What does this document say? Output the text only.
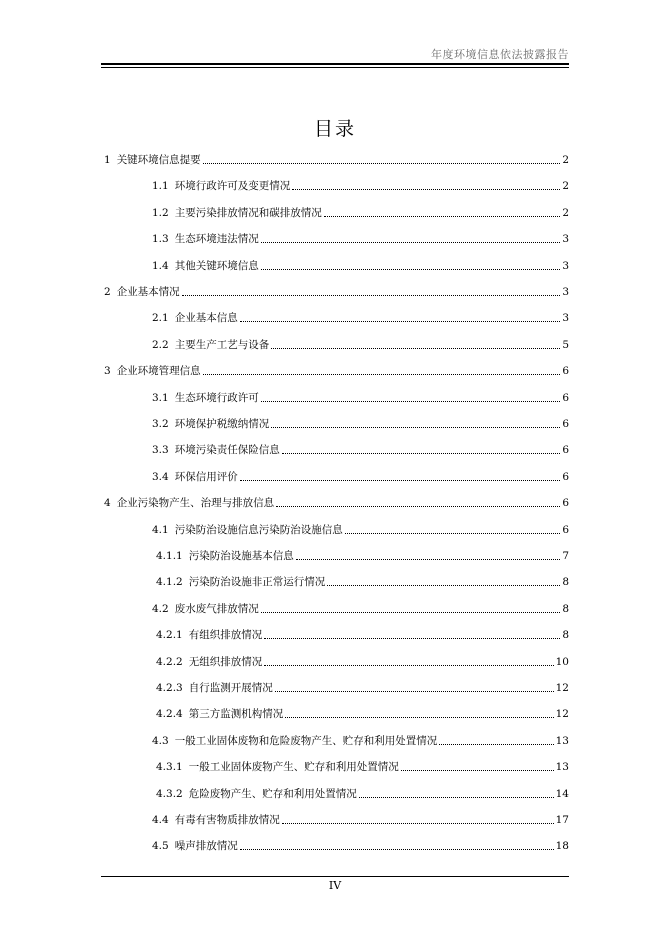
年度环境信息依法披露报告
目录
1 关键环境信息提要	2
1.1 环境行政许可及变更情况	2
1.2 主要污染排放情况和碳排放情况	2
1.3 生态环境违法情况	3
1.4 其他关键环境信息	3
2 企业基本情况	3
2.1 企业基本信息	3
2.2 主要生产工艺与设备	5
3 企业环境管理信息	6
3.1 生态环境行政许可	6
3.2 环境保护税缴纳情况	6
3.3 环境污染责任保险信息	6
3.4 环保信用评价	6
4 企业污染物产生、治理与排放信息	6
4.1 污染防治设施信息污染防治设施信息	6
4.1.1 污染防治设施基本信息	7
4.1.2 污染防治设施非正常运行情况	8
4.2 废水废气排放情况	8
4.2.1 有组织排放情况	8
4.2.2 无组织排放情况	10
4.2.3 自行监测开展情况	12
4.2.4 第三方监测机构情况	12
4.3 一般工业固体废物和危险废物产生、贮存和利用处置情况	13
4.3.1 一般工业固体废物产生、贮存和利用处置情况	13
4.3.2 危险废物产生、贮存和利用处置情况	14
4.4 有毒有害物质排放情况	17
4.5 噪声排放情况	18
IV
